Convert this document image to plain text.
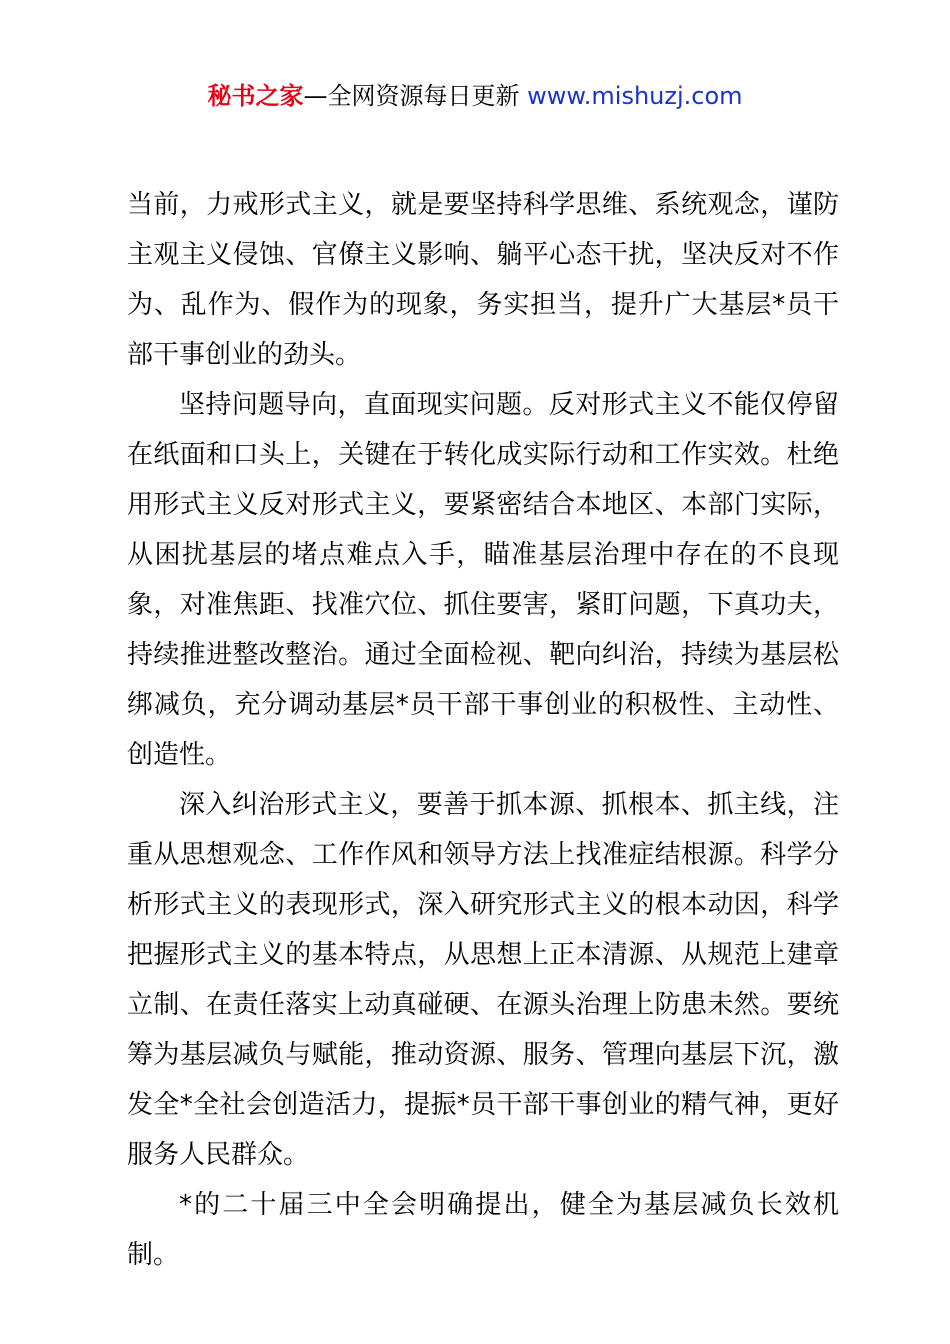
秘书之家—全网资源每日更新 www.mishuzj.com

当前，力戒形式主义，就是要坚持科学思维、系统观念，谨防主观主义侵蚀、官僚主义影响、躺平心态干扰，坚决反对不作为、乱作为、假作为的现象，务实担当，提升广大基层*员干部干事创业的劲头。

坚持问题导向，直面现实问题。反对形式主义不能仅停留在纸面和口头上，关键在于转化成实际行动和工作实效。杜绝用形式主义反对形式主义，要紧密结合本地区、本部门实际，从困扰基层的堵点难点入手，瞄准基层治理中存在的不良现象，对准焦距、找准穴位、抓住要害，紧盯问题，下真功夫，持续推进整改整治。通过全面检视、靶向纠治，持续为基层松绑减负，充分调动基层*员干部干事创业的积极性、主动性、创造性。

深入纠治形式主义，要善于抓本源、抓根本、抓主线，注重从思想观念、工作作风和领导方法上找准症结根源。科学分析形式主义的表现形式，深入研究形式主义的根本动因，科学把握形式主义的基本特点，从思想上正本清源、从规范上建章立制、在责任落实上动真碰硬、在源头治理上防患未然。要统筹为基层减负与赋能，推动资源、服务、管理向基层下沉，激发全*全社会创造活力，提振*员干部干事创业的精气神，更好服务人民群众。

*的二十届三中全会明确提出，健全为基层减负长效机制。
